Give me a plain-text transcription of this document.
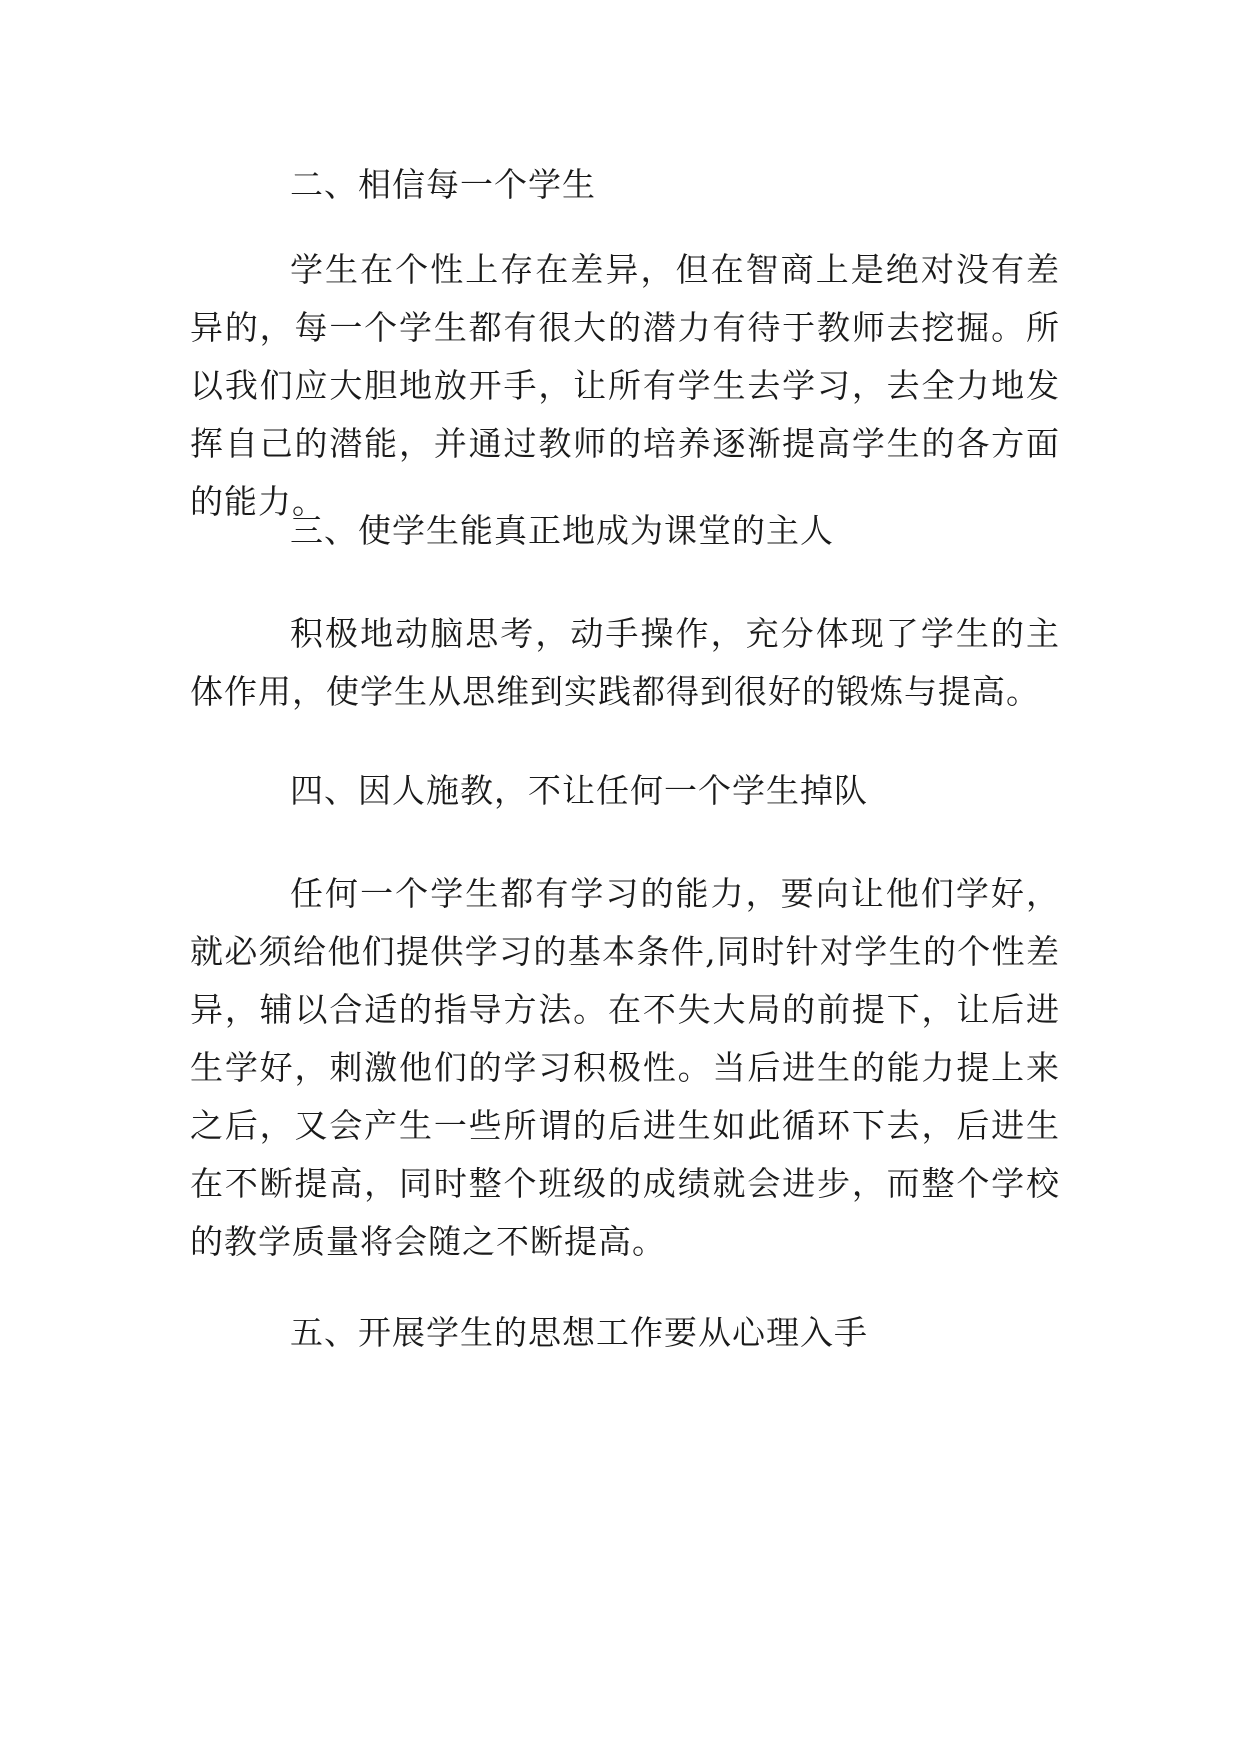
二、相信每一个学生

学生在个性上存在差异，但在智商上是绝对没有差异的，每一个学生都有很大的潜力有待于教师去挖掘。所以我们应大胆地放开手，让所有学生去学习，去全力地发挥自己的潜能，并通过教师的培养逐渐提高学生的各方面的能力。

三、使学生能真正地成为课堂的主人

积极地动脑思考，动手操作，充分体现了学生的主体作用，使学生从思维到实践都得到很好的锻炼与提高。

四、因人施教，不让任何一个学生掉队

任何一个学生都有学习的能力，要向让他们学好，就必须给他们提供学习的基本条件,同时针对学生的个性差异，辅以合适的指导方法。在不失大局的前提下，让后进生学好，刺激他们的学习积极性。当后进生的能力提上来之后，又会产生一些所谓的后进生如此循环下去，后进生在不断提高，同时整个班级的成绩就会进步，而整个学校的教学质量将会随之不断提高。

五、开展学生的思想工作要从心理入手
